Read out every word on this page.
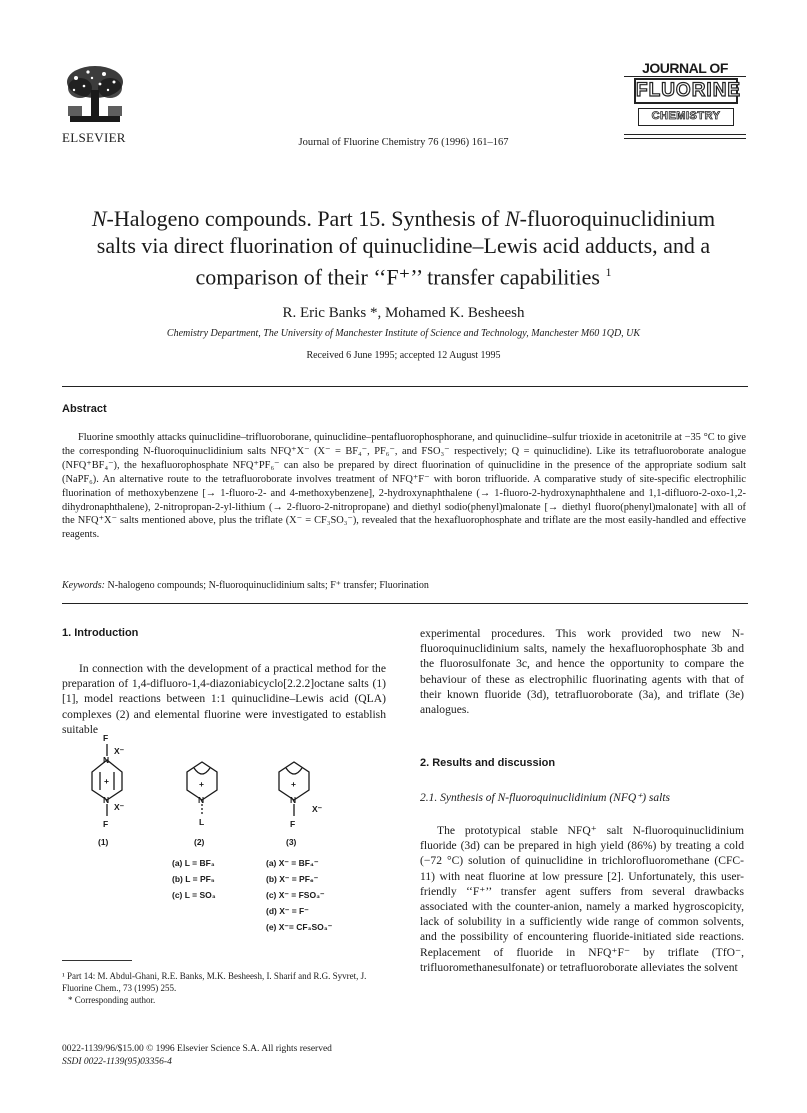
ELSEVIER	Journal of Fluorine Chemistry 76 (1996) 161–167
JOURNAL OF
FLUORINE
CHEMISTRY
N-Halogeno compounds. Part 15. Synthesis of N-fluoroquinuclidinium
salts via direct fluorination of quinuclidine–Lewis acid adducts, and a
comparison of their ‘‘F⁺’’ transfer capabilities $^1$
R. Eric Banks *, Mohamed K. Besheesh
Chemistry Department, The University of Manchester Institute of Science and Technology, Manchester M60 1QD, UK
Received 6 June 1995; accepted 12 August 1995
Abstract
Fluorine smoothly attacks quinuclidine–trifluoroborane, quinuclidine–pentafluorophosphorane, and quinuclidine–sulfur trioxide in acetonitrile at −35 °C to give the corresponding N-fluoroquinuclidinium salts NFQ⁺X⁻ (X⁻ = BF₄⁻, PF₆⁻, and FSO₃⁻ respectively; Q = quinuclidine). Like its tetrafluoroborate analogue (NFQ⁺BF₄⁻), the hexafluorophosphate NFQ⁺PF₆⁻ can also be prepared by direct fluorination of quinuclidine in the presence of the appropriate sodium salt (NaPF₆). An alternative route to the tetrafluoroborate involves treatment of NFQ⁺F⁻ with boron trifluoride. A comparative study of site-specific electrophilic fluorination of methoxybenzene [→ 1-fluoro-2- and 4-methoxybenzene], 2-hydroxynaphthalene (→ 1-fluoro-2-hydroxynaphthalene and 1,1-difluoro-2-oxo-1,2-dihydronaphthalene), 2-nitropropan-2-yl-lithium (→ 2-fluoro-2-nitropropane) and diethyl sodio(phenyl)malonate [→ diethyl fluoro(phenyl)malonate] with all of the NFQ⁺X⁻ salts mentioned above, plus the triflate (X⁻ = CF₃SO₃⁻), revealed that the hexafluorophosphate and triflate are the most easily-handled and effective reagents.
Keywords: N-halogeno compounds; N-fluoroquinuclidinium salts; F⁺ transfer; Fluorination
1. Introduction
In connection with the development of a practical method for the preparation of 1,4-difluoro-1,4-diazoniabicyclo[2.2.2]octane salts (1) [1], model reactions between 1:1 quinuclidine–Lewis acid (QLA) complexes (2) and elemental fluorine were investigated to establish suitable
F
N
X⁻
N
X⁻
F
+	+
N
L
+
N
X⁻
F
(1)	(2)	(3)
(a) L = BF₃
(b) L = PF₅
(c) L = SO₃
(a) X⁻ = BF₄⁻
(b) X⁻ = PF₆⁻
(c) X⁻ = FSO₃⁻
(d) X⁻ = F⁻
(e) X⁻= CF₃SO₃⁻
¹ Part 14: M. Abdul-Ghani, R.E. Banks, M.K. Besheesh, I. Sharif and R.G. Syvret, J. Fluorine Chem., 73 (1995) 255.
* Corresponding author.
0022-1139/96/$15.00 © 1996 Elsevier Science S.A. All rights reserved
SSDI 0022-1139(95)03356-4
experimental procedures. This work provided two new N-fluoroquinuclidinium salts, namely the hexafluorophosphate 3b and the fluorosulfonate 3c, and hence the opportunity to compare the behaviour of these as electrophilic fluorinating agents with that of their known fluoride (3d), tetrafluoroborate (3a), and triflate (3e) analogues.
2. Results and discussion
2.1. Synthesis of N-fluoroquinuclidinium (NFQ⁺) salts
The prototypical stable NFQ⁺ salt N-fluoroquinuclidinium fluoride (3d) can be prepared in high yield (86%) by treating a cold (−72 °C) solution of quinuclidine in trichlorofluoromethane (CFC-11) with neat fluorine at low pressure [2]. Unfortunately, this user-friendly ‘‘F⁺’’ transfer agent suffers from several drawbacks associated with the counter-anion, namely a marked hygroscopicity, lack of solubility in a sufficiently wide range of common solvents, and the possibility of encountering fluoride-initiated side reactions. Replacement of fluoride in NFQ⁺F⁻ by triflate (TfO⁻, trifluoromethanesulfonate) or tetrafluoroborate alleviates the solvent
